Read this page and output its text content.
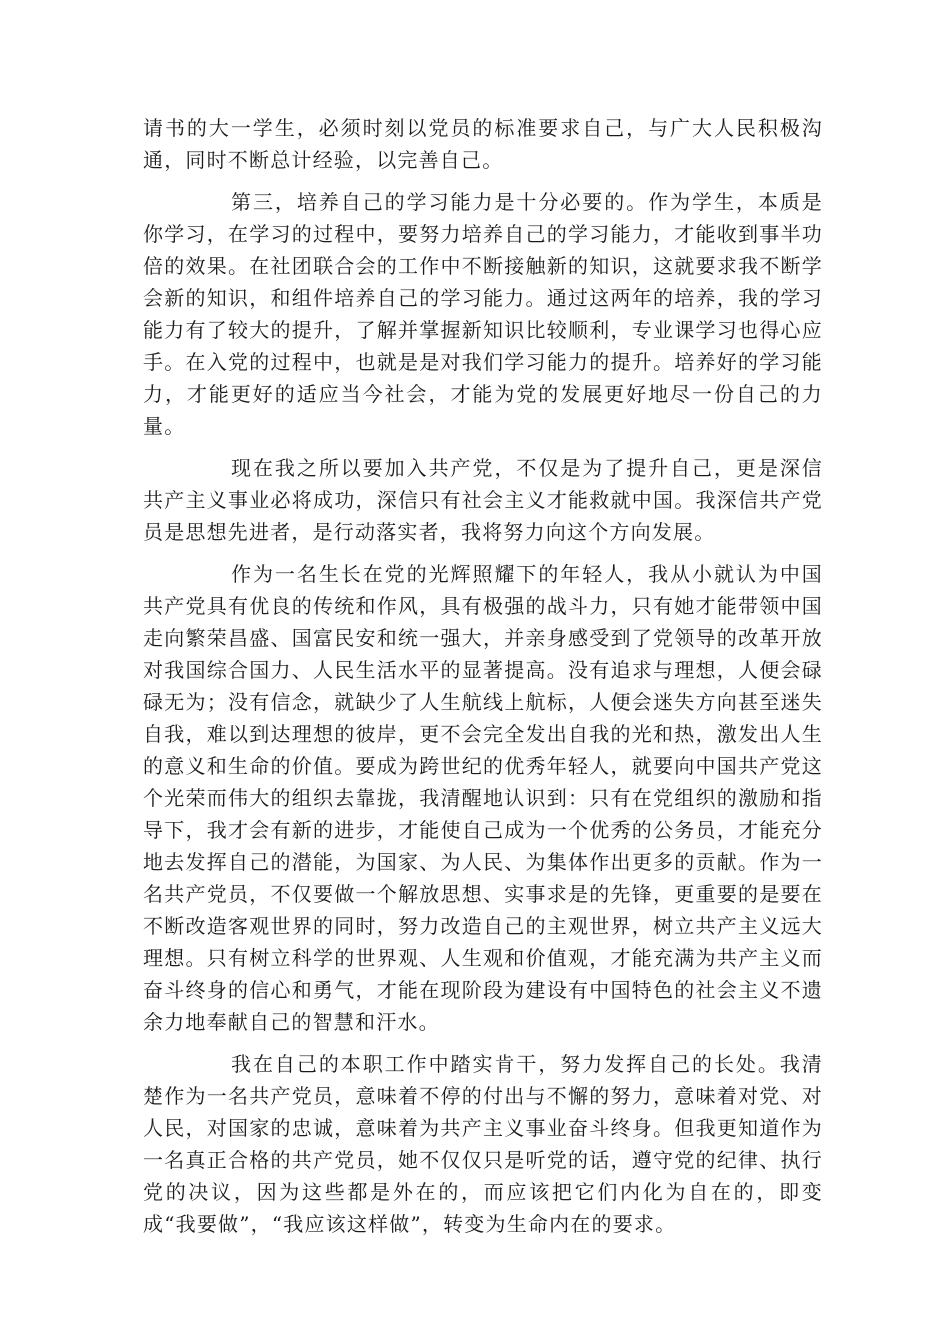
请书的大一学生，必须时刻以党员的标准要求自己，与广大人民积极沟通，同时不断总计经验，以完善自己。

第三，培养自己的学习能力是十分必要的。作为学生，本质是你学习，在学习的过程中，要努力培养自己的学习能力，才能收到事半功倍的效果。在社团联合会的工作中不断接触新的知识，这就要求我不断学会新的知识，和组件培养自己的学习能力。通过这两年的培养，我的学习能力有了较大的提升，了解并掌握新知识比较顺利，专业课学习也得心应手。在入党的过程中，也就是是对我们学习能力的提升。培养好的学习能力，才能更好的适应当今社会，才能为党的发展更好地尽一份自己的力量。

现在我之所以要加入共产党，不仅是为了提升自己，更是深信共产主义事业必将成功，深信只有社会主义才能救就中国。我深信共产党员是思想先进者，是行动落实者，我将努力向这个方向发展。

作为一名生长在党的光辉照耀下的年轻人，我从小就认为中国共产党具有优良的传统和作风，具有极强的战斗力，只有她才能带领中国走向繁荣昌盛、国富民安和统一强大，并亲身感受到了党领导的改革开放对我国综合国力、人民生活水平的显著提高。没有追求与理想，人便会碌碌无为；没有信念，就缺少了人生航线上航标，人便会迷失方向甚至迷失自我，难以到达理想的彼岸，更不会完全发出自我的光和热，激发出人生的意义和生命的价值。要成为跨世纪的优秀年轻人，就要向中国共产党这个光荣而伟大的组织去靠拢，我清醒地认识到：只有在党组织的激励和指导下，我才会有新的进步，才能使自己成为一个优秀的公务员，才能充分地去发挥自己的潜能，为国家、为人民、为集体作出更多的贡献。作为一名共产党员，不仅要做一个解放思想、实事求是的先锋，更重要的是要在不断改造客观世界的同时，努力改造自己的主观世界，树立共产主义远大理想。只有树立科学的世界观、人生观和价值观，才能充满为共产主义而奋斗终身的信心和勇气，才能在现阶段为建设有中国特色的社会主义不遗余力地奉献自己的智慧和汗水。

我在自己的本职工作中踏实肯干，努力发挥自己的长处。我清楚作为一名共产党员，意味着不停的付出与不懈的努力，意味着对党、对人民，对国家的忠诚，意味着为共产主义事业奋斗终身。但我更知道作为一名真正合格的共产党员，她不仅仅只是听党的话，遵守党的纪律、执行党的决议，因为这些都是外在的，而应该把它们内化为自在的，即变成“我要做”，“我应该这样做”，转变为生命内在的要求。
